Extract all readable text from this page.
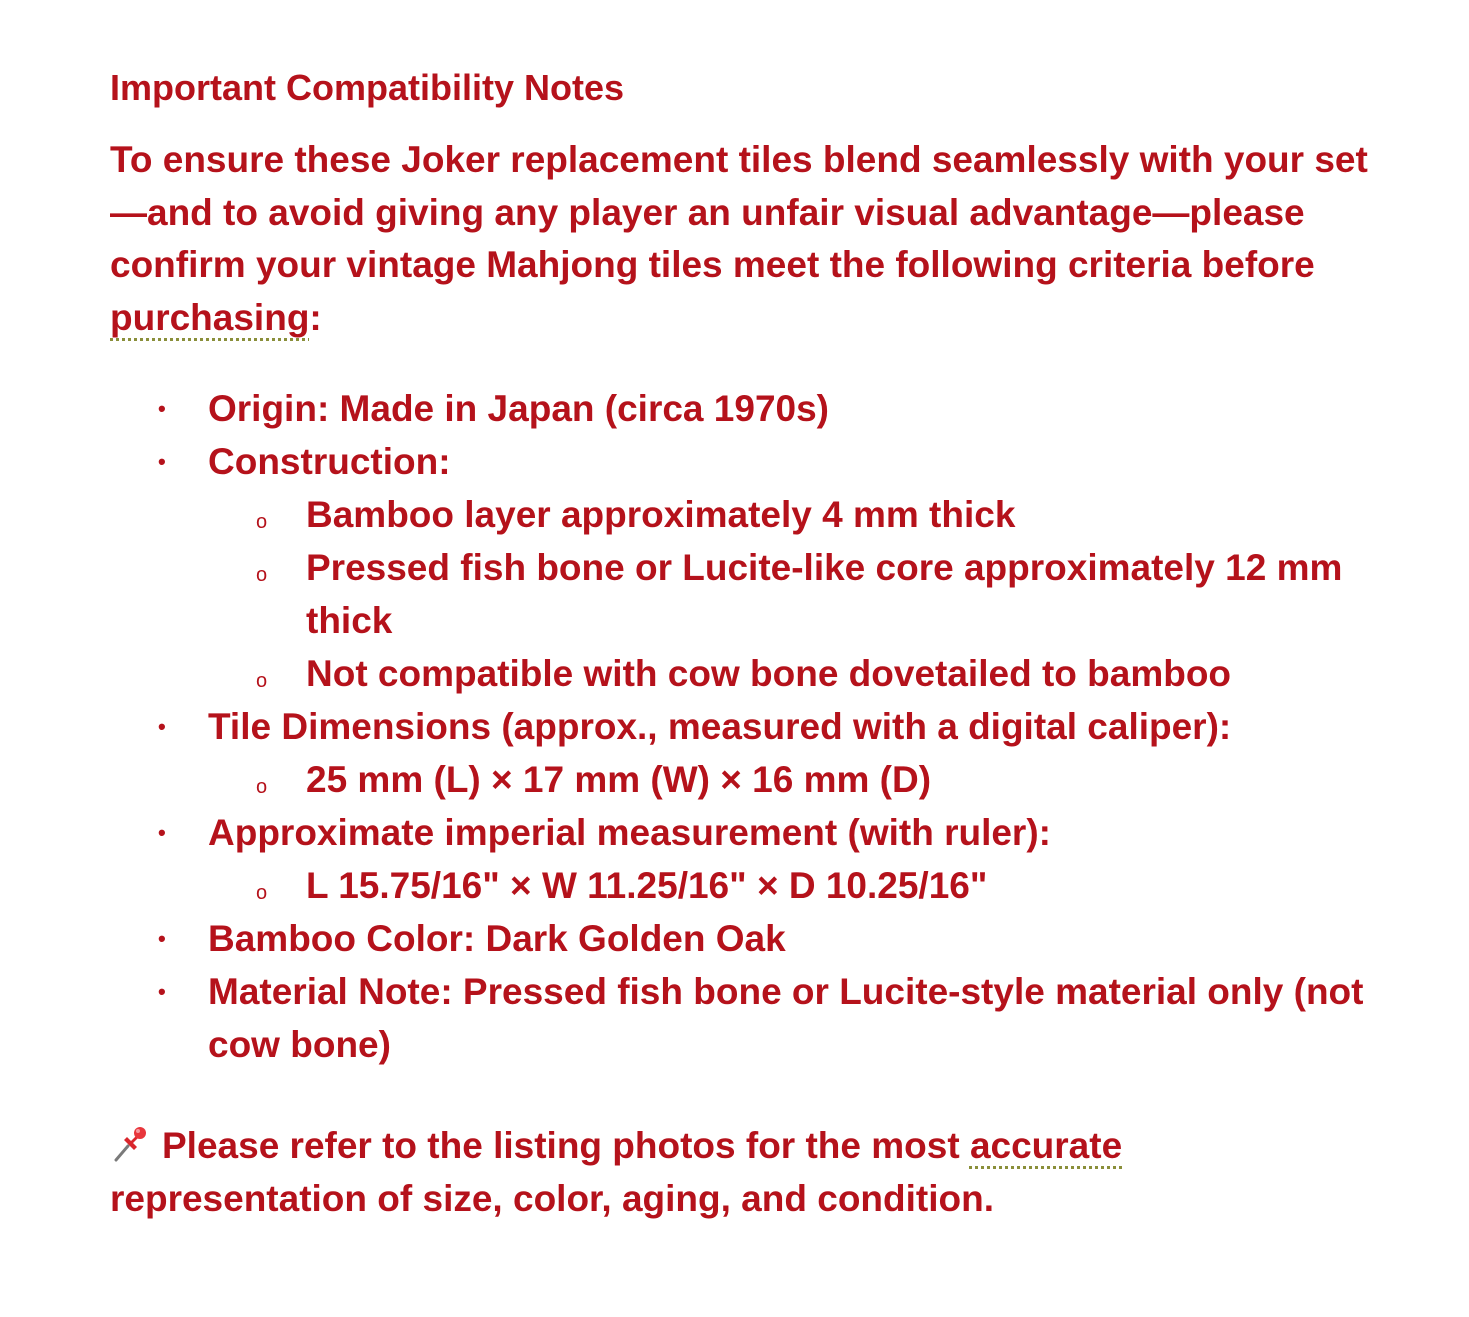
Important Compatibility Notes

To ensure these Joker replacement tiles blend seamlessly with your set—and to avoid giving any player an unfair visual advantage—please confirm your vintage Mahjong tiles meet the following criteria before purchasing:

• Origin: Made in Japan (circa 1970s)
• Construction:
o Bamboo layer approximately 4 mm thick
o Pressed fish bone or Lucite-like core approximately 12 mm thick
o Not compatible with cow bone dovetailed to bamboo
• Tile Dimensions (approx., measured with a digital caliper):
o 25 mm (L) × 17 mm (W) × 16 mm (D)
• Approximate imperial measurement (with ruler):
o L 15.75/16" × W 11.25/16" × D 10.25/16"
• Bamboo Color: Dark Golden Oak
• Material Note: Pressed fish bone or Lucite-style material only (not cow bone)

Please refer to the listing photos for the most accurate representation of size, color, aging, and condition.
